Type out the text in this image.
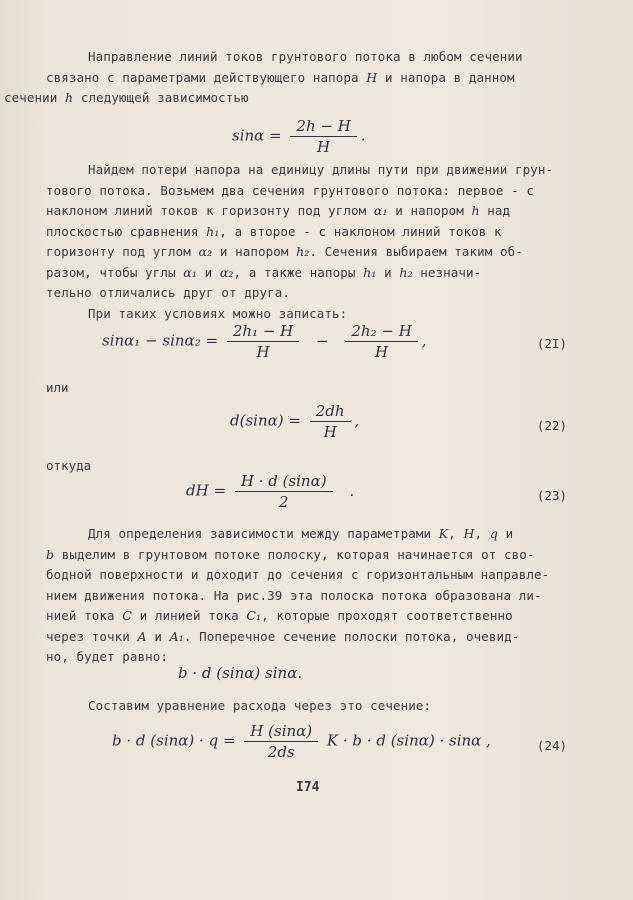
Направление линий токов грунтового потока в любом сечении
связано с параметрами действующего напора H и напора в данном
сечении h следующей зависимостью
$\sin\alpha = \frac{2h - H}{H}$ .
Найдем потери напора на единицу длины пути при движении грун-
тового потока. Возьмем два сечения грунтового потока: первое - с
наклоном линий токов к горизонту под углом α₁ и напором h над
плоскостью сравнения h₁, а второе - с наклоном линий токов к
горизонту под углом α₂ и напором h₂. Сечения выбираем таким об-
разом, чтобы углы α₁ и α₂, а также напоры h₁ и h₂ незначи-
тельно отличались друг от друга.
При таких условиях можно записать:
$\sin\alpha_1 - \sin\alpha_2 = \frac{\text{2h₁ − H}}{H} - \frac{\text{2h₂ − H}}{H}$ ,	(2I)
или
$d(\sin\alpha) = \frac{2dh}{H}$ ,	(22)
откуда
dH = $\frac{H \cdot d (\sin\alpha)}{2}$ .	(23)
Для определения зависимости между параметрами K, H, q и
b выделим в грунтовом потоке полоску, которая начинается от сво-
бодной поверхности и доходит до сечения с горизонтальным направле-
нием движения потока. На рис.39 эта полоска потока образована ли-
нией тока C и линией тока C₁, которые проходят соответственно
через точки A и A₁. Поперечное сечение полоски потока, очевид-
но, будет равно:
b · d (sinα) sinα.
Составим уравнение расхода через это сечение:
b · d $(\sin\alpha) \cdot q = \frac{H (\sin\alpha)}{2ds}$ K · b · d (sinα) · sinα ,	(24)
I74
